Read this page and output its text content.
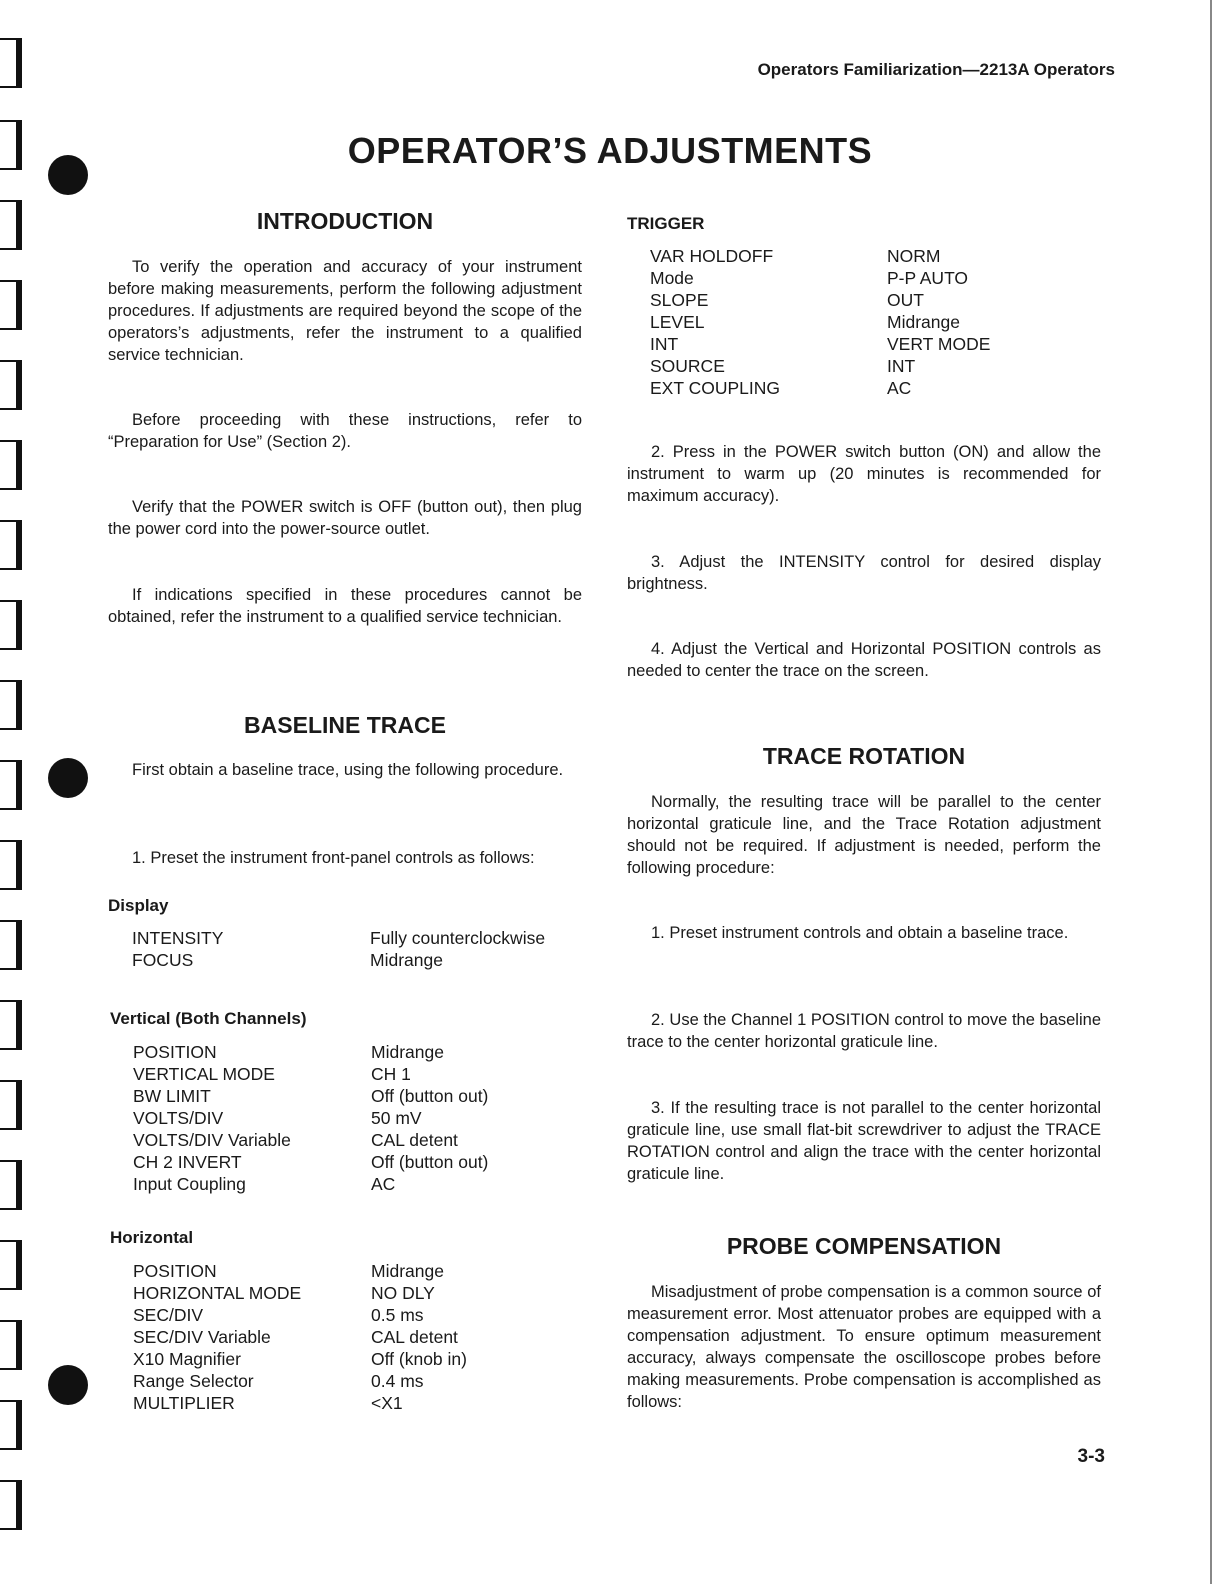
Operators Familiarization—2213A Operators
OPERATOR’S ADJUSTMENTS
INTRODUCTION
To verify the operation and accuracy of your instrument before making measurements, perform the following adjustment procedures. If adjustments are required beyond the scope of the operators’s adjustments, refer the instrument to a qualified service technician.
Before proceeding with these instructions, refer to “Preparation for Use” (Section 2).
Verify that the POWER switch is OFF (button out), then plug the power cord into the power-source outlet.
If indications specified in these procedures cannot be obtained, refer the instrument to a qualified service technician.
BASELINE TRACE
First obtain a baseline trace, using the following procedure.
1. Preset the instrument front-panel controls as follows:
Display
INTENSITY	Fully counterclockwise
FOCUS	Midrange
Vertical (Both Channels)
POSITION	Midrange
VERTICAL MODE	CH 1
BW LIMIT	Off (button out)
VOLTS/DIV	50 mV
VOLTS/DIV Variable	CAL detent
CH 2 INVERT	Off (button out)
Input Coupling	AC
Horizontal
POSITION	Midrange
HORIZONTAL MODE	NO DLY
SEC/DIV	0.5 ms
SEC/DIV Variable	CAL detent
X10 Magnifier	Off (knob in)
Range Selector	0.4 ms
MULTIPLIER	<X1
TRIGGER
VAR HOLDOFF	NORM
Mode	P-P AUTO
SLOPE	OUT
LEVEL	Midrange
INT	VERT MODE
SOURCE	INT
EXT COUPLING	AC
2. Press in the POWER switch button (ON) and allow the instrument to warm up (20 minutes is recommended for maximum accuracy).
3. Adjust the INTENSITY control for desired display brightness.
4. Adjust the Vertical and Horizontal POSITION controls as needed to center the trace on the screen.
TRACE ROTATION
Normally, the resulting trace will be parallel to the center horizontal graticule line, and the Trace Rotation adjustment should not be required. If adjustment is needed, perform the following procedure:
1. Preset instrument controls and obtain a baseline trace.
2. Use the Channel 1 POSITION control to move the baseline trace to the center horizontal graticule line.
3. If the resulting trace is not parallel to the center horizontal graticule line, use small flat-bit screwdriver to adjust the TRACE ROTATION control and align the trace with the center horizontal graticule line.
PROBE COMPENSATION
Misadjustment of probe compensation is a common source of measurement error. Most attenuator probes are equipped with a compensation adjustment. To ensure optimum measurement accuracy, always compensate the oscilloscope probes before making measurements. Probe compensation is accomplished as follows:
3-3
